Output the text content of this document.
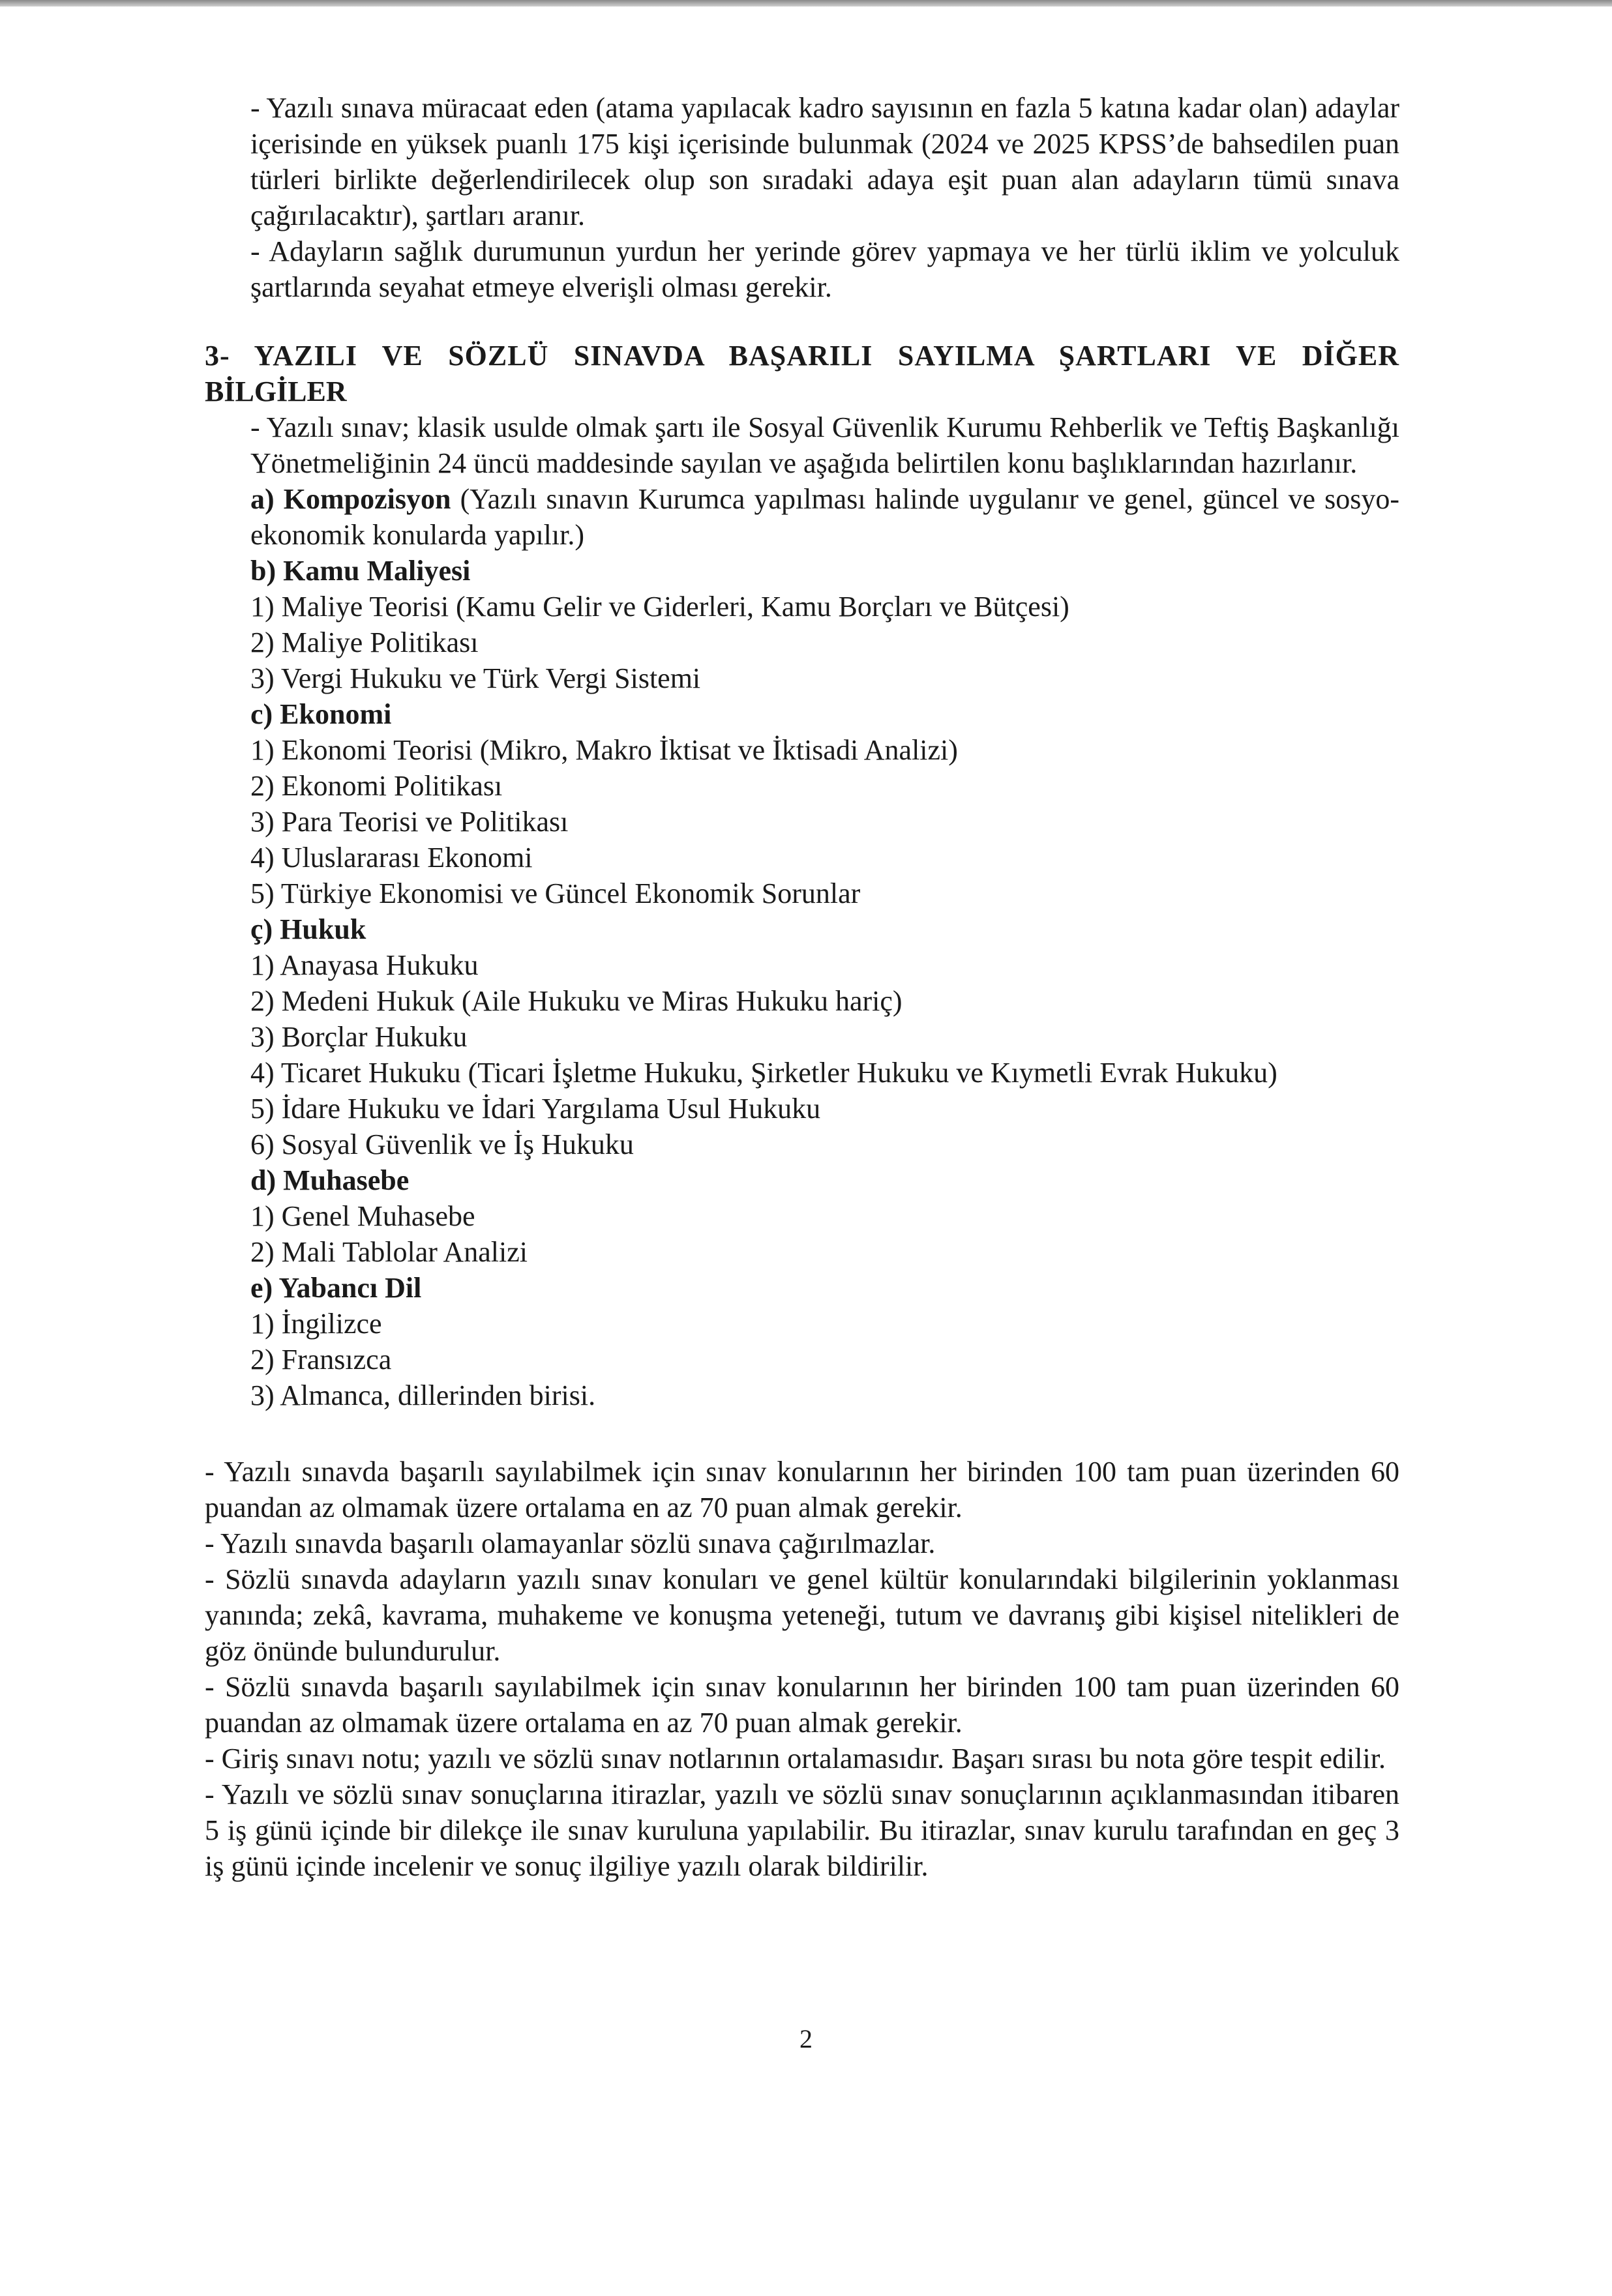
- Yazılı sınava müracaat eden (atama yapılacak kadro sayısının en fazla 5 katına kadar olan) adaylar içerisinde en yüksek puanlı 175 kişi içerisinde bulunmak (2024 ve 2025 KPSS’de bahsedilen puan türleri birlikte değerlendirilecek olup son sıradaki adaya eşit puan alan adayların tümü sınava çağırılacaktır), şartları aranır.

- Adayların sağlık durumunun yurdun her yerinde görev yapmaya ve her türlü iklim ve yolculuk şartlarında seyahat etmeye elverişli olması gerekir.

3- YAZILI VE SÖZLÜ SINAVDA BAŞARILI SAYILMA ŞARTLARI VE DİĞER

BİLGİLER

- Yazılı sınav; klasik usulde olmak şartı ile Sosyal Güvenlik Kurumu Rehberlik ve Teftiş Başkanlığı Yönetmeliğinin 24 üncü maddesinde sayılan ve aşağıda belirtilen konu başlıklarından hazırlanır.

a) Kompozisyon (Yazılı sınavın Kurumca yapılması halinde uygulanır ve genel, güncel ve sosyo-ekonomik konularda yapılır.)

b) Kamu Maliyesi

1) Maliye Teorisi (Kamu Gelir ve Giderleri, Kamu Borçları ve Bütçesi)

2) Maliye Politikası

3) Vergi Hukuku ve Türk Vergi Sistemi

c) Ekonomi

1) Ekonomi Teorisi (Mikro, Makro İktisat ve İktisadi Analizi)

2) Ekonomi Politikası

3) Para Teorisi ve Politikası

4) Uluslararası Ekonomi

5) Türkiye Ekonomisi ve Güncel Ekonomik Sorunlar

ç) Hukuk

1) Anayasa Hukuku

2) Medeni Hukuk (Aile Hukuku ve Miras Hukuku hariç)

3) Borçlar Hukuku

4) Ticaret Hukuku (Ticari İşletme Hukuku, Şirketler Hukuku ve Kıymetli Evrak Hukuku)

5) İdare Hukuku ve İdari Yargılama Usul Hukuku

6) Sosyal Güvenlik ve İş Hukuku

d) Muhasebe

1) Genel Muhasebe

2) Mali Tablolar Analizi

e) Yabancı Dil

1) İngilizce

2) Fransızca

3) Almanca, dillerinden birisi.

- Yazılı sınavda başarılı sayılabilmek için sınav konularının her birinden 100 tam puan üzerinden 60 puandan az olmamak üzere ortalama en az 70 puan almak gerekir.

- Yazılı sınavda başarılı olamayanlar sözlü sınava çağırılmazlar.

- Sözlü sınavda adayların yazılı sınav konuları ve genel kültür konularındaki bilgilerinin yoklanması yanında; zekâ, kavrama, muhakeme ve konuşma yeteneği, tutum ve davranış gibi kişisel nitelikleri de göz önünde bulundurulur.

- Sözlü sınavda başarılı sayılabilmek için sınav konularının her birinden 100 tam puan üzerinden 60 puandan az olmamak üzere ortalama en az 70 puan almak gerekir.

- Giriş sınavı notu; yazılı ve sözlü sınav notlarının ortalamasıdır. Başarı sırası bu nota göre tespit edilir.

- Yazılı ve sözlü sınav sonuçlarına itirazlar, yazılı ve sözlü sınav sonuçlarının açıklanmasından itibaren 5 iş günü içinde bir dilekçe ile sınav kuruluna yapılabilir. Bu itirazlar, sınav kurulu tarafından en geç 3 iş günü içinde incelenir ve sonuç ilgiliye yazılı olarak bildirilir.

2
